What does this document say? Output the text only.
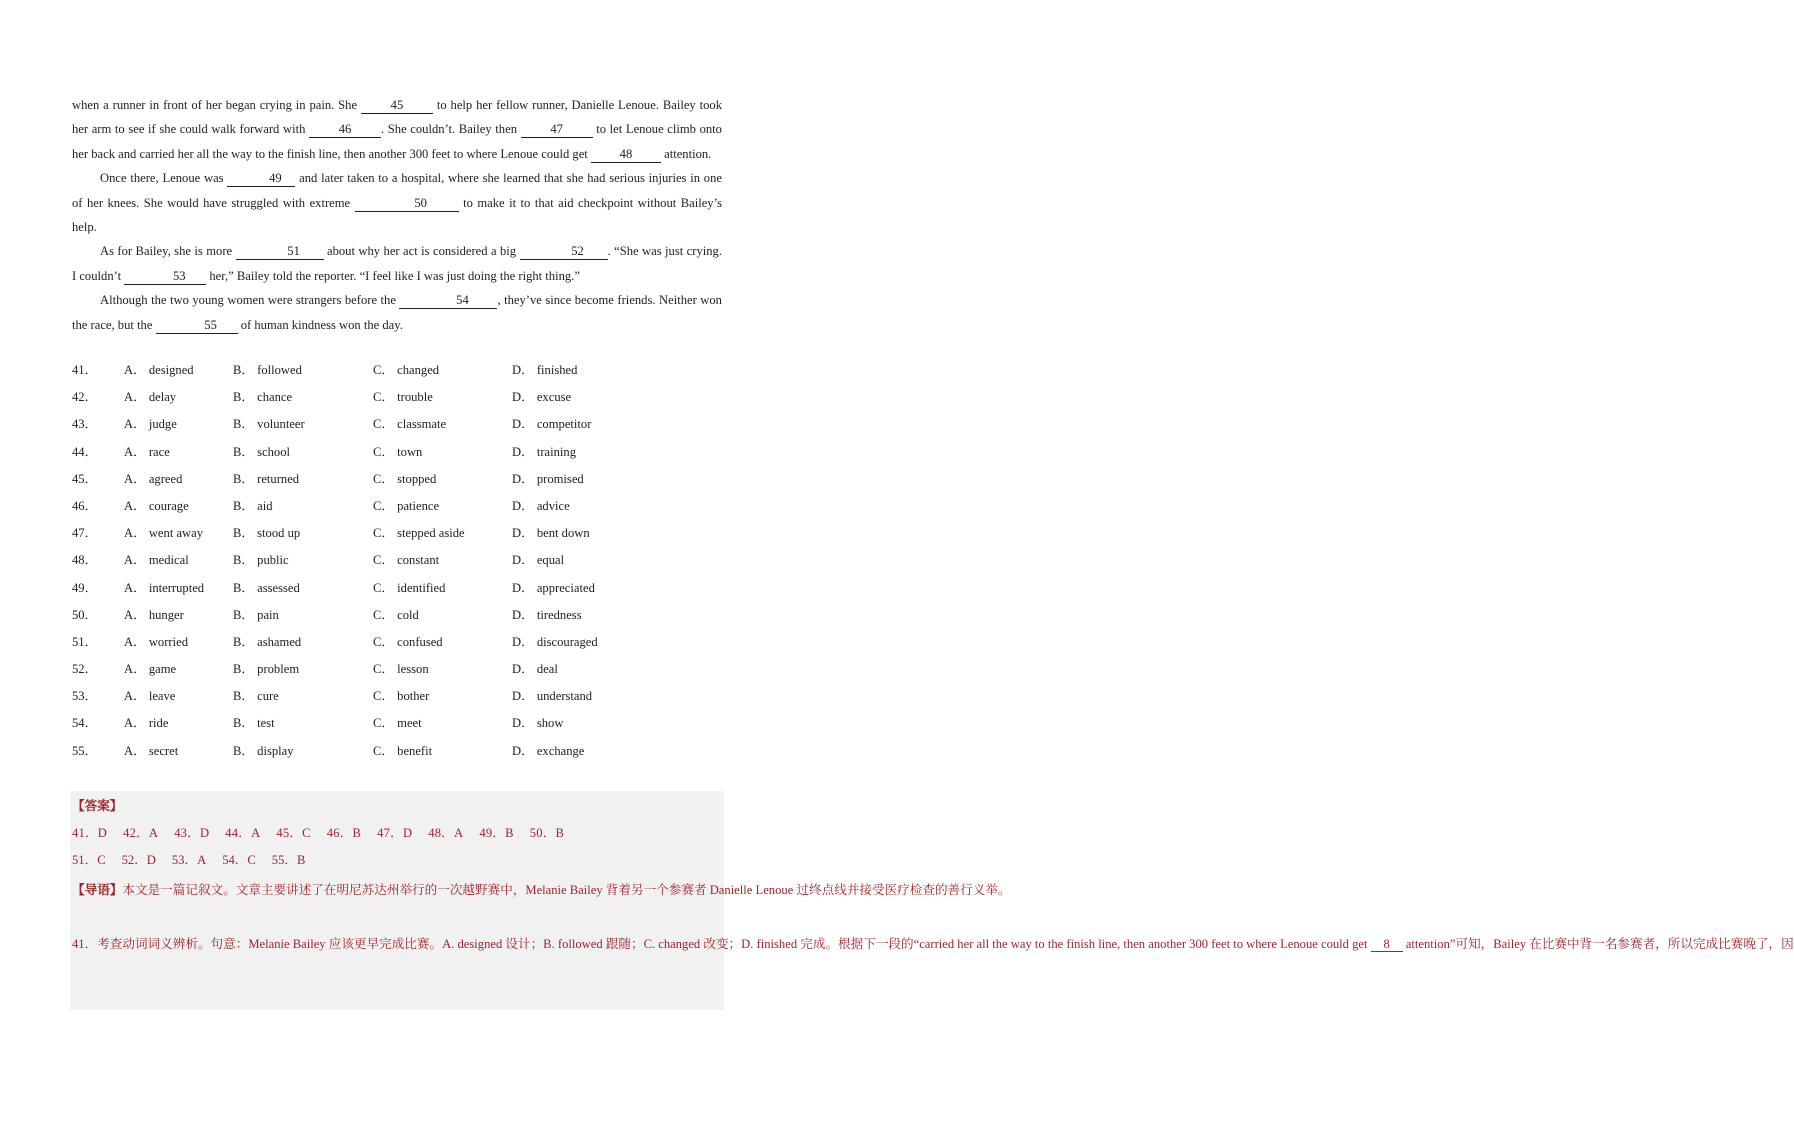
when a runner in front of her began crying in pain. She 45 to help her fellow runner, Danielle Lenoue. Bailey took her arm to see if she could walk forward with 46 . She couldn’t. Bailey then 47 to let Lenoue climb onto her back and carried her all the way to the finish line, then another 300 feet to where Lenoue could get 48 attention.

Once there, Lenoue was	49 and later taken to a hospital, where she learned that she had serious injuries in one of her knees. She would have struggled with extreme	50	to make it to that aid checkpoint without Bailey’s help.

As for Bailey, she is more	51 about why her act is considered a big	52 . “She was just crying. I couldn’t	53 her,” Bailey told the reporter. “I feel like I was just doing the right thing.”

Although the two young women were strangers before the	54 , they’ve since become friends. Neither won the race, but the	55 of human kindness won the day.

41． A． designed	B． followed	C． changed	D． finished
42． A． delay	B． chance	C． trouble	D． excuse
43． A． judge	B． volunteer	C． classmate	D． competitor
44． A． race	B． school	C． town	D． training
45． A． agreed	B． returned	C． stopped	D． promised
46． A． courage	B． aid	C． patience	D． advice
47． A． went away B． stood up	C． stepped aside	D． bent down
48． A． medical	B． public	C． constant	D． equal
49． A． interrupted B． assessed	C． identified	D． appreciated
50． A． hunger	B． pain	C． cold	D． tiredness
51． A． worried	B． ashamed	C． confused	D． discouraged
52． A． game	B． problem	C． lesson	D． deal
53． A． leave	B． cure	C． bother	D． understand
54． A． ride	B． test	C． meet	D． show
55． A． secret	B． display	C． benefit	D． exchange
【答案】
41．D 42．A 43．D 44．A 45．C 46．B 47．D 48．A 49．B 50．B
51．C 52．D 53．A 54．C 55．B
【导语】本文是一篇记叙文。文章主要讲述了在明尼苏达州举行的一次越野赛中，Melanie Bailey 背着另一个参赛者 Danielle Lenoue 过终点线并接受医疗检查的善行义举。
41．考查动词词义辨析。句意：Melanie Bailey 应该更早完成比赛。A. designed 设计；B. followed 跟随；C. changed 改变；D. finished 完成。根据下一段的“carried her all the way to the finish line, then another 300 feet to where Lenoue could get 8 attention”可知，Bailey 在比赛中背一名参赛者，所以完成比赛晚了，因
